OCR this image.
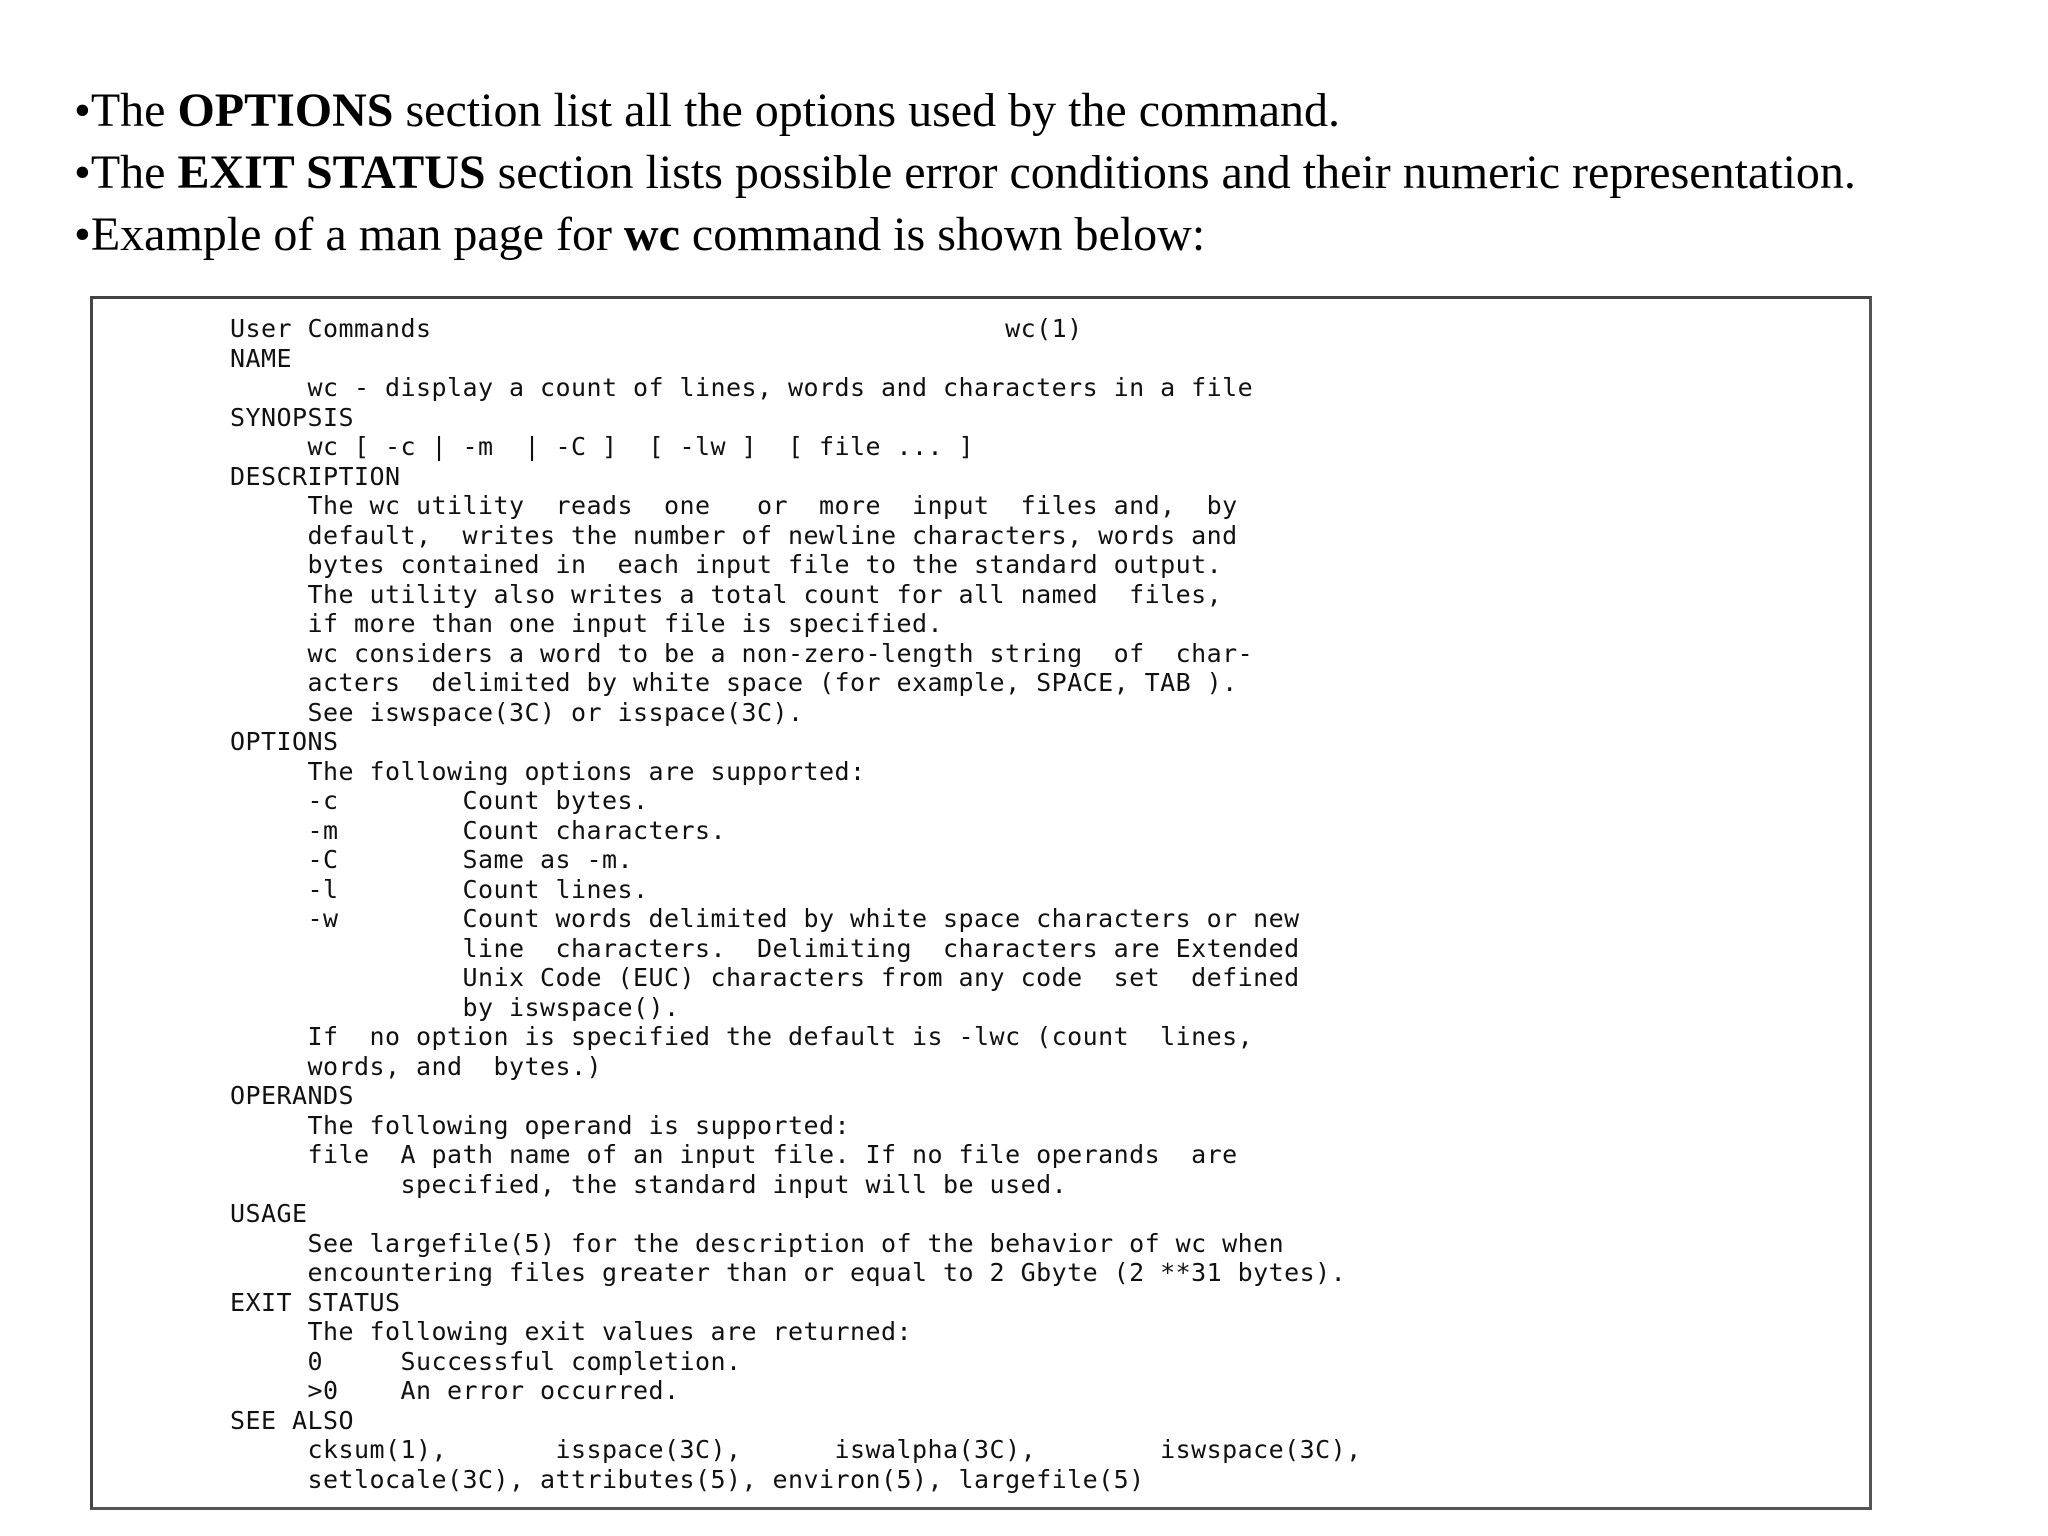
•The OPTIONS section list all the options used by the command.
•The EXIT STATUS section lists possible error conditions and their numeric representation.
•Example of a man page for wc command is shown below:
User Commands                                     wc(1)
NAME
wc - display a count of lines, words and characters in a file
SYNOPSIS
wc [ -c | -m  | -C ]  [ -lw ]  [ file ... ]
DESCRIPTION
The wc utility  reads  one   or  more  input  files and,  by
default,  writes the number of newline characters, words and
bytes contained in  each input file to the standard output.
The utility also writes a total count for all named  files,
if more than one input file is specified.
wc considers a word to be a non-zero-length string  of  char-
acters  delimited by white space (for example, SPACE, TAB ).
See iswspace(3C) or isspace(3C).
OPTIONS
The following options are supported:
-c        Count bytes.
-m        Count characters.
-C        Same as -m.
-l        Count lines.
-w        Count words delimited by white space characters or new
line  characters.  Delimiting  characters are Extended
Unix Code (EUC) characters from any code  set  defined
by iswspace().
If  no option is specified the default is -lwc (count  lines,
words, and  bytes.)
OPERANDS
The following operand is supported:
file  A path name of an input file. If no file operands  are
specified, the standard input will be used.
USAGE
See largefile(5) for the description of the behavior of wc when
encountering files greater than or equal to 2 Gbyte (2 **31 bytes).
EXIT STATUS
The following exit values are returned:
0     Successful completion.
>0    An error occurred.
SEE ALSO
cksum(1),       isspace(3C),      iswalpha(3C),        iswspace(3C),
setlocale(3C), attributes(5), environ(5), largefile(5)
